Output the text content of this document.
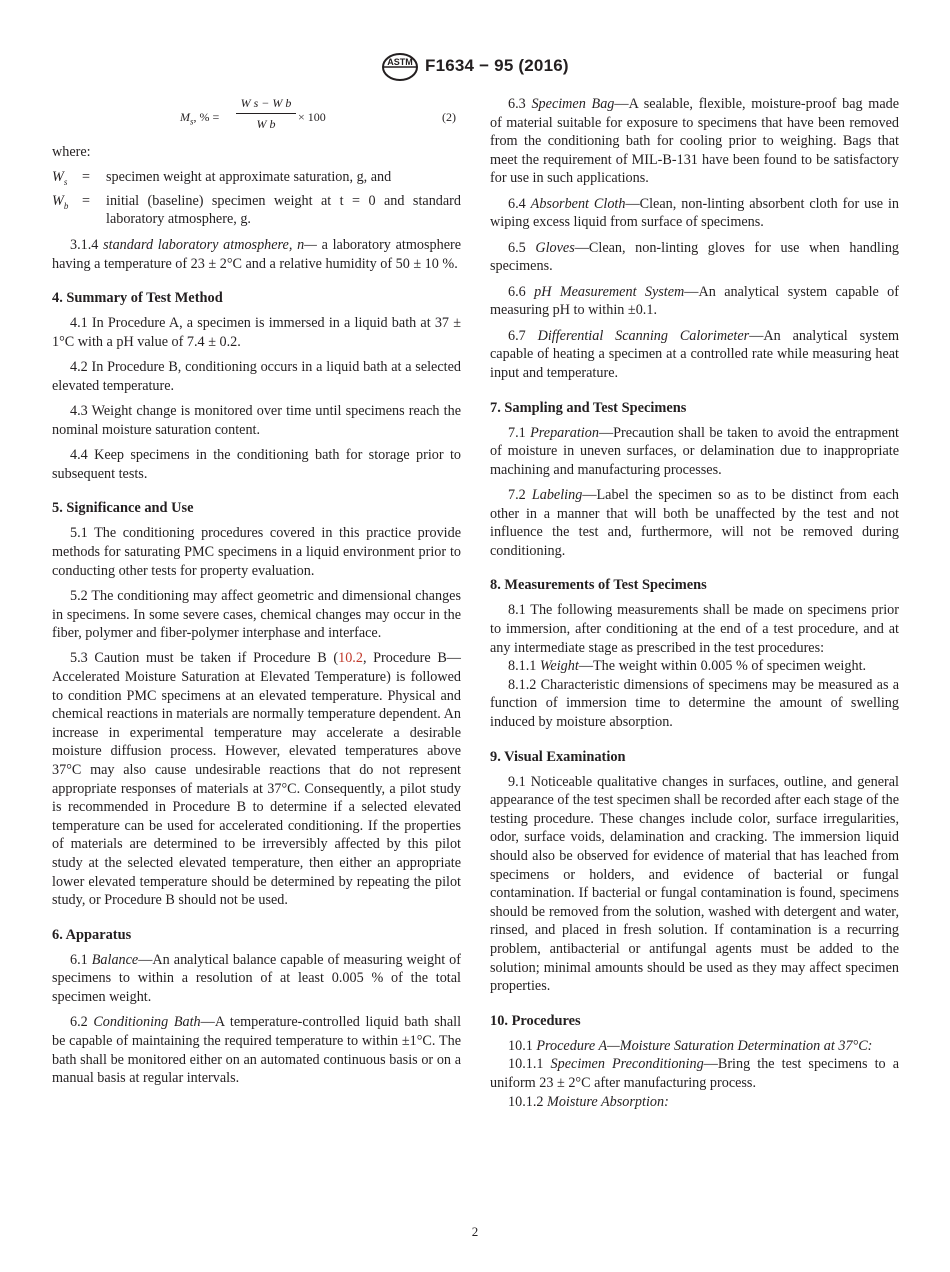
ASTM F1634 − 95 (2016)
$M_s$, % =
W s − W b
W b	× 100	(2)

where:

$W_s$	=	specimen weight at approximate saturation, g, and
$W_b$ =	initial (baseline) specimen weight at t = 0 and standard laboratory atmosphere, g.

3.1.4 standard laboratory atmosphere, n— a laboratory atmosphere having a temperature of 23 ± 2°C and a relative humidity of 50 ± 10 %.

4. Summary of Test Method

4.1 In Procedure A, a specimen is immersed in a liquid bath at 37 ± 1°C with a pH value of 7.4 ± 0.2.

4.2 In Procedure B, conditioning occurs in a liquid bath at a selected elevated temperature.

4.3 Weight change is monitored over time until specimens reach the nominal moisture saturation content.

4.4 Keep specimens in the conditioning bath for storage prior to subsequent tests.

5. Significance and Use

5.1 The conditioning procedures covered in this practice provide methods for saturating PMC specimens in a liquid environment prior to conducting other tests for property evaluation.

5.2 The conditioning may affect geometric and dimensional changes in specimens. In some severe cases, chemical changes may occur in the fiber, polymer and fiber-polymer interphase and interface.

5.3 Caution must be taken if Procedure B (10.2, Procedure B—Accelerated Moisture Saturation at Elevated Temperature) is followed to condition PMC specimens at an elevated temperature. Physical and chemical reactions in materials are normally temperature dependent. An increase in experimental temperature may accelerate a desirable moisture diffusion process. However, elevated temperatures above 37°C may also cause undesirable reactions that do not represent appropriate responses of materials at 37°C. Consequently, a pilot study is recommended in Procedure B to determine if a selected elevated temperature can be used for accelerated conditioning. If the properties of materials are determined to be irreversibly affected by this pilot study at the selected elevated temperature, then either an appropriate lower elevated temperature should be determined by repeating the pilot study, or Procedure B should not be used.

6. Apparatus

6.1 Balance—An analytical balance capable of measuring weight of specimens to within a resolution of at least 0.005 % of the total specimen weight.

6.2 Conditioning Bath—A temperature-controlled liquid bath shall be capable of maintaining the required temperature to within ±1°C. The bath shall be monitored either on an automated continuous basis or on a manual basis at regular intervals.

6.3 Specimen Bag—A sealable, flexible, moisture-proof bag made of material suitable for exposure to specimens that have been removed from the conditioning bath for cooling prior to weighing. Bags that meet the requirement of MIL-B-131 have been found to be satisfactory for use in such applications.

6.4 Absorbent Cloth—Clean, non-linting absorbent cloth for use in wiping excess liquid from surface of specimens.

6.5 Gloves—Clean, non-linting gloves for use when handling specimens.

6.6 pH Measurement System—An analytical system capable of measuring pH to within ±0.1.

6.7 Differential Scanning Calorimeter—An analytical system capable of heating a specimen at a controlled rate while measuring heat input and temperature.

7. Sampling and Test Specimens

7.1 Preparation—Precaution shall be taken to avoid the entrapment of moisture in uneven surfaces, or delamination due to inappropriate machining and manufacturing processes.

7.2 Labeling—Label the specimen so as to be distinct from each other in a manner that will both be unaffected by the test and not influence the test and, furthermore, will not be removed during conditioning.

8. Measurements of Test Specimens

8.1 The following measurements shall be made on specimens prior to immersion, after conditioning at the end of a test procedure, and at any intermediate stage as prescribed in the test procedures:

8.1.1 Weight—The weight within 0.005 % of specimen weight.

8.1.2 Characteristic dimensions of specimens may be measured as a function of immersion time to determine the amount of swelling induced by moisture absorption.

9. Visual Examination

9.1 Noticeable qualitative changes in surfaces, outline, and general appearance of the test specimen shall be recorded after each stage of the testing procedure. These changes include color, surface irregularities, odor, surface voids, delamination and cracking. The immersion liquid should also be observed for evidence of material that has leached from specimens or holders, and evidence of bacterial or fungal contamination. If bacterial or fungal contamination is found, specimens should be removed from the solution, washed with detergent and water, rinsed, and placed in fresh solution. If contamination is a recurring problem, antibacterial or antifungal agents must be added to the solution; minimal amounts should be used as they may affect specimen properties.

10. Procedures

10.1 Procedure A—Moisture Saturation Determination at 37°C:

10.1.1 Specimen Preconditioning—Bring the test specimens to a uniform 23 ± 2°C after manufacturing process.

10.1.2 Moisture Absorption:

2
